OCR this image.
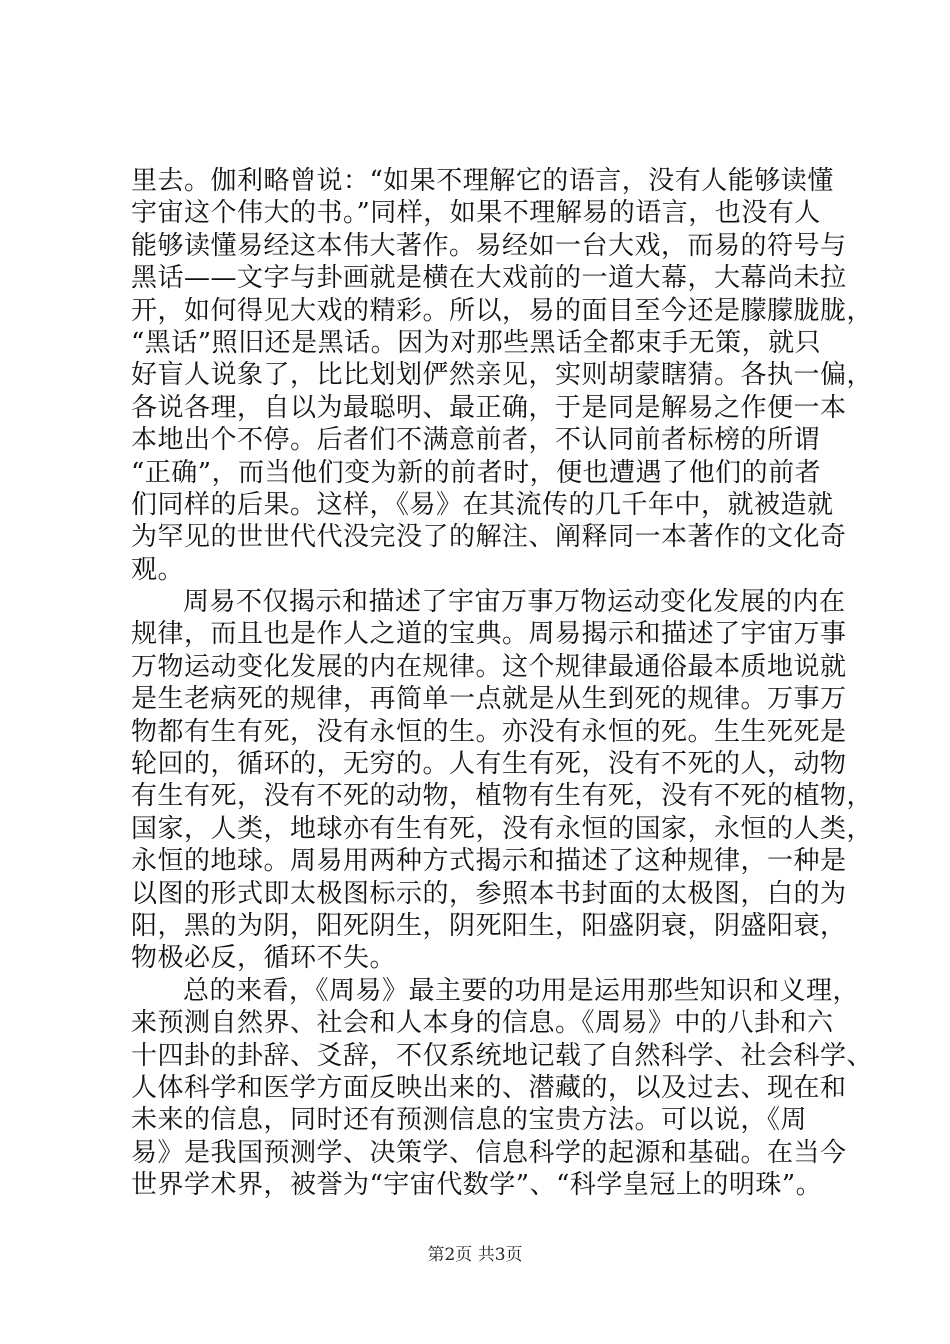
里去。伽利略曾说：“如果不理解它的语言，没有人能够读懂
宇宙这个伟大的书。”同样，如果不理解易的语言，也没有人
能够读懂易经这本伟大著作。易经如一台大戏，而易的符号与
黑话——文字与卦画就是横在大戏前的一道大幕，大幕尚未拉
开，如何得见大戏的精彩。所以，易的面目至今还是朦朦胧胧，
“黑话”照旧还是黑话。因为对那些黑话全都束手无策，就只
好盲人说象了，比比划划俨然亲见，实则胡蒙瞎猜。各执一偏，
各说各理，自以为最聪明、最正确，于是同是解易之作便一本
本地出个不停。后者们不满意前者，不认同前者标榜的所谓
“正确”，而当他们变为新的前者时，便也遭遇了他们的前者
们同样的后果。这样，《易》在其流传的几千年中，就被造就
为罕见的世世代代没完没了的解注、阐释同一本著作的文化奇
观。
周易不仅揭示和描述了宇宙万事万物运动变化发展的内在
规律，而且也是作人之道的宝典。周易揭示和描述了宇宙万事
万物运动变化发展的内在规律。这个规律最通俗最本质地说就
是生老病死的规律，再简单一点就是从生到死的规律。万事万
物都有生有死，没有永恒的生。亦没有永恒的死。生生死死是
轮回的，循环的，无穷的。人有生有死，没有不死的人，动物
有生有死，没有不死的动物，植物有生有死，没有不死的植物，
国家，人类，地球亦有生有死，没有永恒的国家，永恒的人类，
永恒的地球。周易用两种方式揭示和描述了这种规律，一种是
以图的形式即太极图标示的，参照本书封面的太极图，白的为
阳，黑的为阴，阳死阴生，阴死阳生，阳盛阴衰，阴盛阳衰，
物极必反，循环不失。
总的来看，《周易》最主要的功用是运用那些知识和义理，
来预测自然界、社会和人本身的信息。《周易》中的八卦和六
十四卦的卦辞、爻辞，不仅系统地记载了自然科学、社会科学、
人体科学和医学方面反映出来的、潜藏的，以及过去、现在和
未来的信息，同时还有预测信息的宝贵方法。可以说，《周
易》是我国预测学、决策学、信息科学的起源和基础。在当今
世界学术界，被誉为“宇宙代数学”、“科学皇冠上的明珠”。
第2页 共3页
